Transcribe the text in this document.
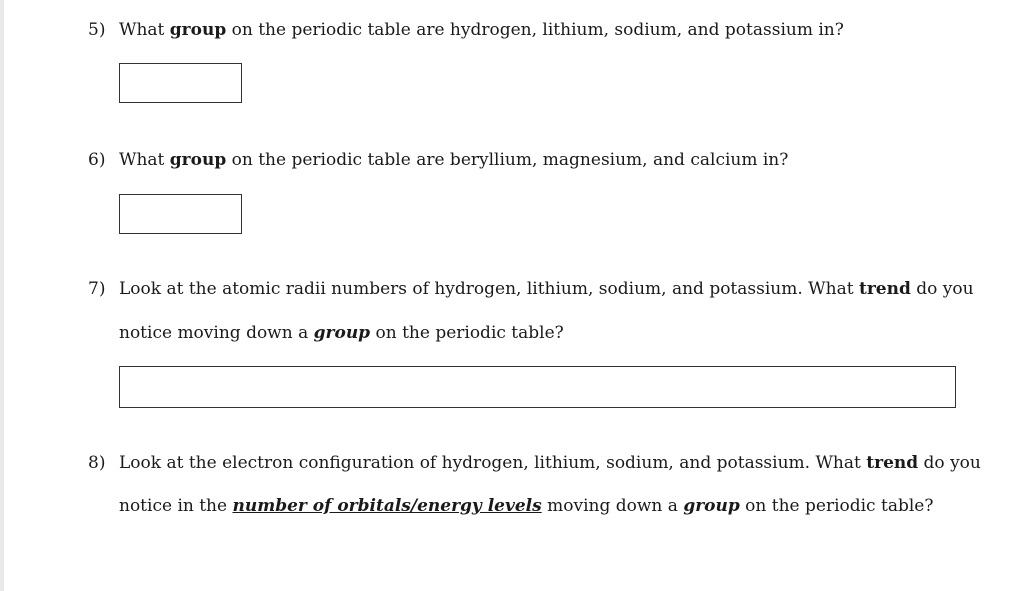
5) What group on the periodic table are hydrogen, lithium, sodium, and potassium in?
6) What group on the periodic table are beryllium, magnesium, and calcium in?
7) Look at the atomic radii numbers of hydrogen, lithium, sodium, and potassium. What trend do you
notice moving down a group on the periodic table?
8) Look at the electron configuration of hydrogen, lithium, sodium, and potassium. What trend do you
notice in the number of orbitals/energy levels moving down a group on the periodic table?
